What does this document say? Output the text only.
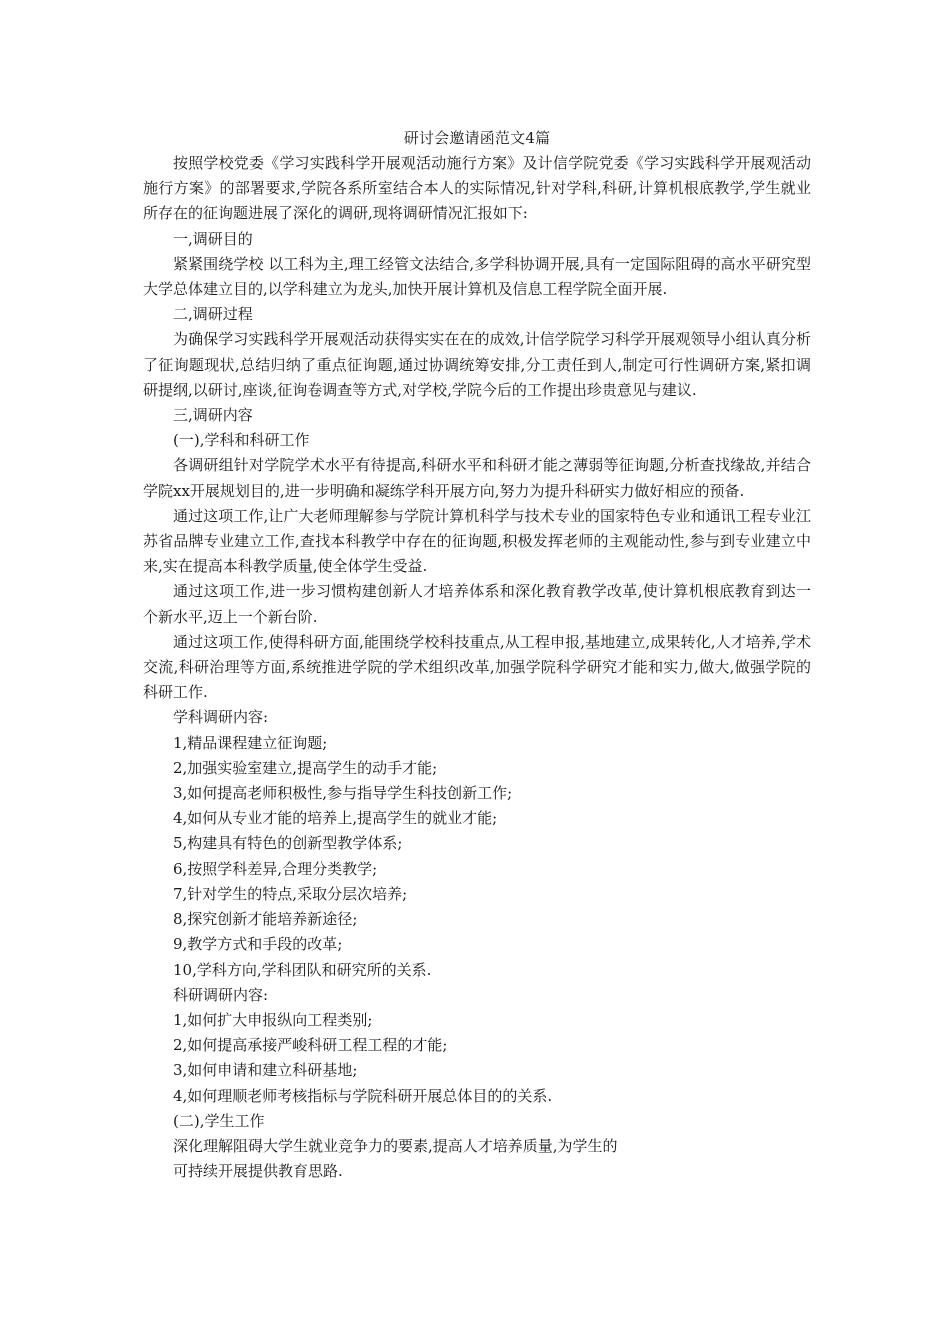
研讨会邀请函范文4篇

按照学校党委《学习实践科学开展观活动施行方案》及计信学院党委《学习实践科学开展观活动施行方案》的部署要求,学院各系所室结合本人的实际情况,针对学科,科研,计算机根底教学,学生就业所存在的征询题进展了深化的调研,现将调研情况汇报如下:

一,调研目的

紧紧围绕学校 以工科为主,理工经管文法结合,多学科协调开展,具有一定国际阻碍的高水平研究型大学总体建立目的,以学科建立为龙头,加快开展计算机及信息工程学院全面开展.

二,调研过程

为确保学习实践科学开展观活动获得实实在在的成效,计信学院学习科学开展观领导小组认真分析了征询题现状,总结归纳了重点征询题,通过协调统筹安排,分工责任到人,制定可行性调研方案,紧扣调研提纲,以研讨,座谈,征询卷调查等方式,对学校,学院今后的工作提出珍贵意见与建议.

三,调研内容

(一),学科和科研工作

各调研组针对学院学术水平有待提高,科研水平和科研才能之薄弱等征询题,分析查找缘故,并结合学院xx开展规划目的,进一步明确和凝练学科开展方向,努力为提升科研实力做好相应的预备.

通过这项工作,让广大老师理解参与学院计算机科学与技术专业的国家特色专业和通讯工程专业江苏省品牌专业建立工作,查找本科教学中存在的征询题,积极发挥老师的主观能动性,参与到专业建立中来,实在提高本科教学质量,使全体学生受益.

通过这项工作,进一步习惯构建创新人才培养体系和深化教育教学改革,使计算机根底教育到达一个新水平,迈上一个新台阶.

通过这项工作,使得科研方面,能围绕学校科技重点,从工程申报,基地建立,成果转化,人才培养,学术交流,科研治理等方面,系统推进学院的学术组织改革,加强学院科学研究才能和实力,做大,做强学院的科研工作.

学科调研内容:

1,精品课程建立征询题;

2,加强实验室建立,提高学生的动手才能;

3,如何提高老师积极性,参与指导学生科技创新工作;

4,如何从专业才能的培养上,提高学生的就业才能;

5,构建具有特色的创新型教学体系;

6,按照学科差异,合理分类教学;

7,针对学生的特点,采取分层次培养;

8,探究创新才能培养新途径;

9,教学方式和手段的改革;

10,学科方向,学科团队和研究所的关系.

科研调研内容:

1,如何扩大申报纵向工程类别;

2,如何提高承接严峻科研工程工程的才能;

3,如何申请和建立科研基地;

4,如何理顺老师考核指标与学院科研开展总体目的的关系.

(二),学生工作

深化理解阻碍大学生就业竞争力的要素,提高人才培养质量,为学生的

可持续开展提供教育思路.
